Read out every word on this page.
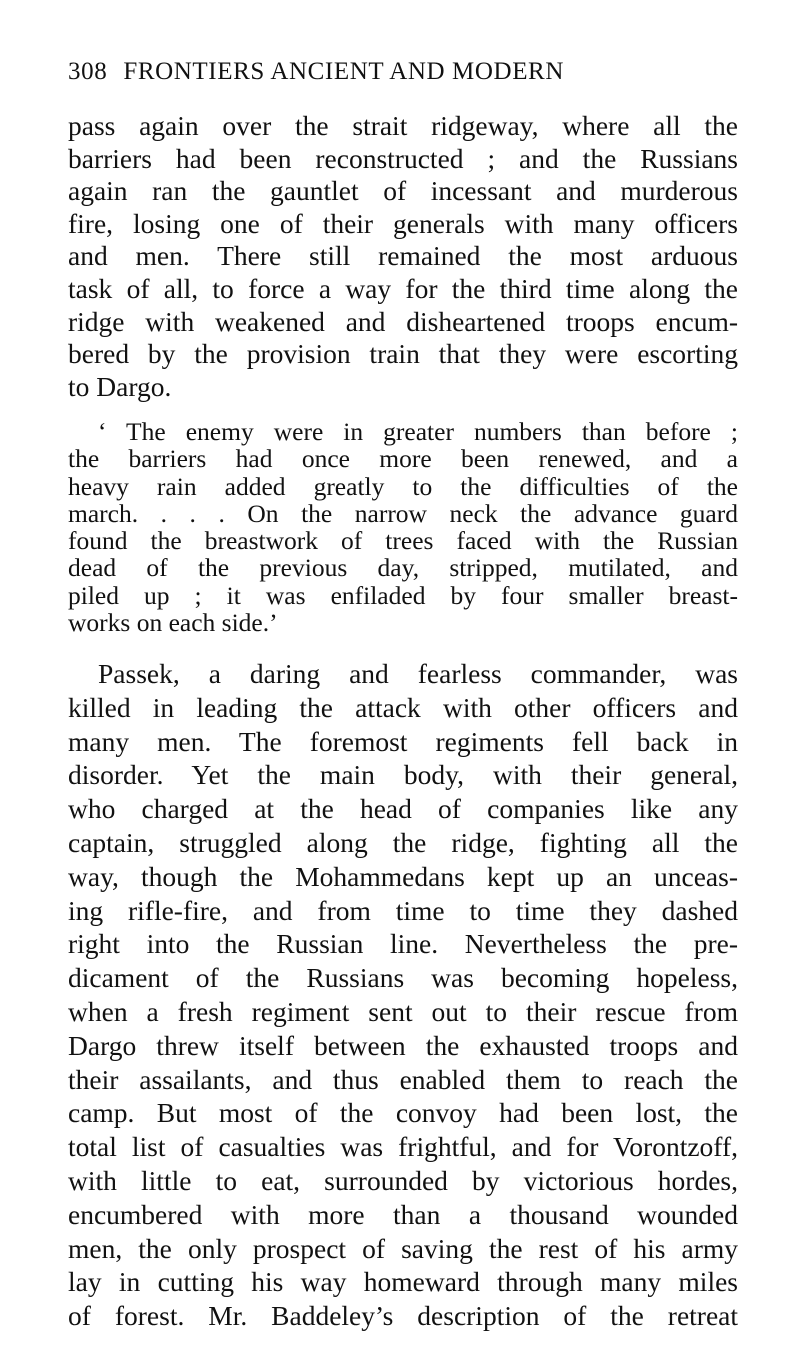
308 FRONTIERS ANCIENT AND MODERN
pass again over the strait ridgeway, where all the
barriers had been reconstructed ; and the Russians
again ran the gauntlet of incessant and murderous
fire, losing one of their generals with many officers
and men. There still remained the most arduous
task of all, to force a way for the third time along the
ridge with weakened and disheartened troops encum-
bered by the provision train that they were escorting
to Dargo.
‘ The enemy were in greater numbers than before ;
the barriers had once more been renewed, and a
heavy rain added greatly to the difficulties of the
march. . . . On the narrow neck the advance guard
found the breastwork of trees faced with the Russian
dead of the previous day, stripped, mutilated, and
piled up ; it was enfiladed by four smaller breast-
works on each side.’
Passek, a daring and fearless commander, was
killed in leading the attack with other officers and
many men. The foremost regiments fell back in
disorder. Yet the main body, with their general,
who charged at the head of companies like any
captain, struggled along the ridge, fighting all the
way, though the Mohammedans kept up an unceas-
ing rifle-fire, and from time to time they dashed
right into the Russian line. Nevertheless the pre-
dicament of the Russians was becoming hopeless,
when a fresh regiment sent out to their rescue from
Dargo threw itself between the exhausted troops and
their assailants, and thus enabled them to reach the
camp. But most of the convoy had been lost, the
total list of casualties was frightful, and for Vorontzoff,
with little to eat, surrounded by victorious hordes,
encumbered with more than a thousand wounded
men, the only prospect of saving the rest of his army
lay in cutting his way homeward through many miles
of forest. Mr. Baddeley’s description of the retreat
